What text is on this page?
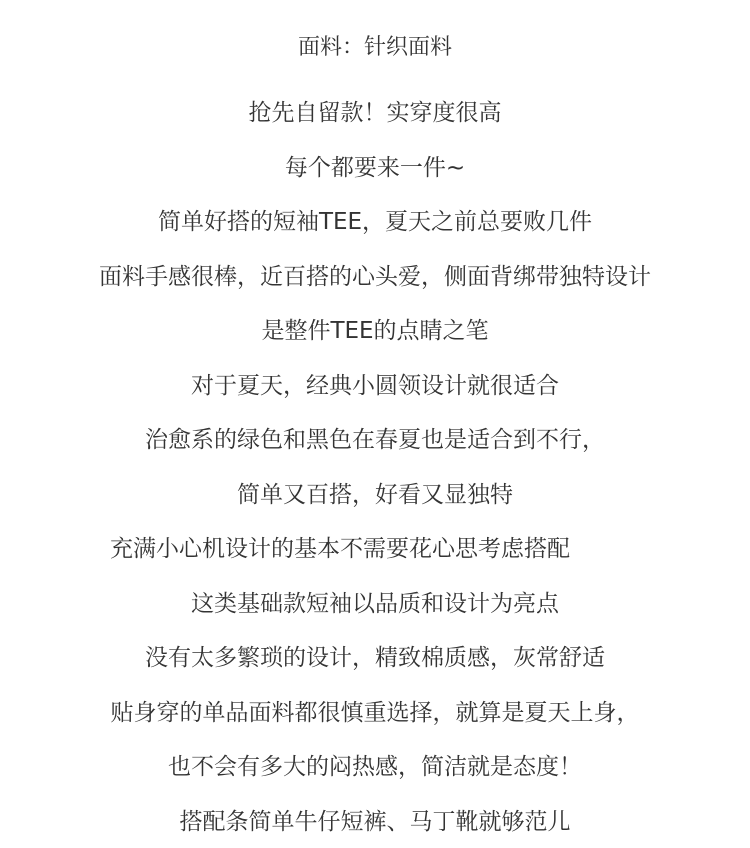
面料：针织面料
抢先自留款！实穿度很高
每个都要来一件~
简单好搭的短袖TEE，夏天之前总要败几件
面料手感很棒，近百搭的心头爱，侧面背绑带独特设计
是整件TEE的点睛之笔
对于夏天，经典小圆领设计就很适合
治愈系的绿色和黑色在春夏也是适合到不行，
简单又百搭，好看又显独特
充满小心机设计的基本不需要花心思考虑搭配
这类基础款短袖以品质和设计为亮点
没有太多繁琐的设计，精致棉质感，灰常舒适
贴身穿的单品面料都很慎重选择，就算是夏天上身，
也不会有多大的闷热感，简洁就是态度！
搭配条简单牛仔短裤、马丁靴就够范儿
